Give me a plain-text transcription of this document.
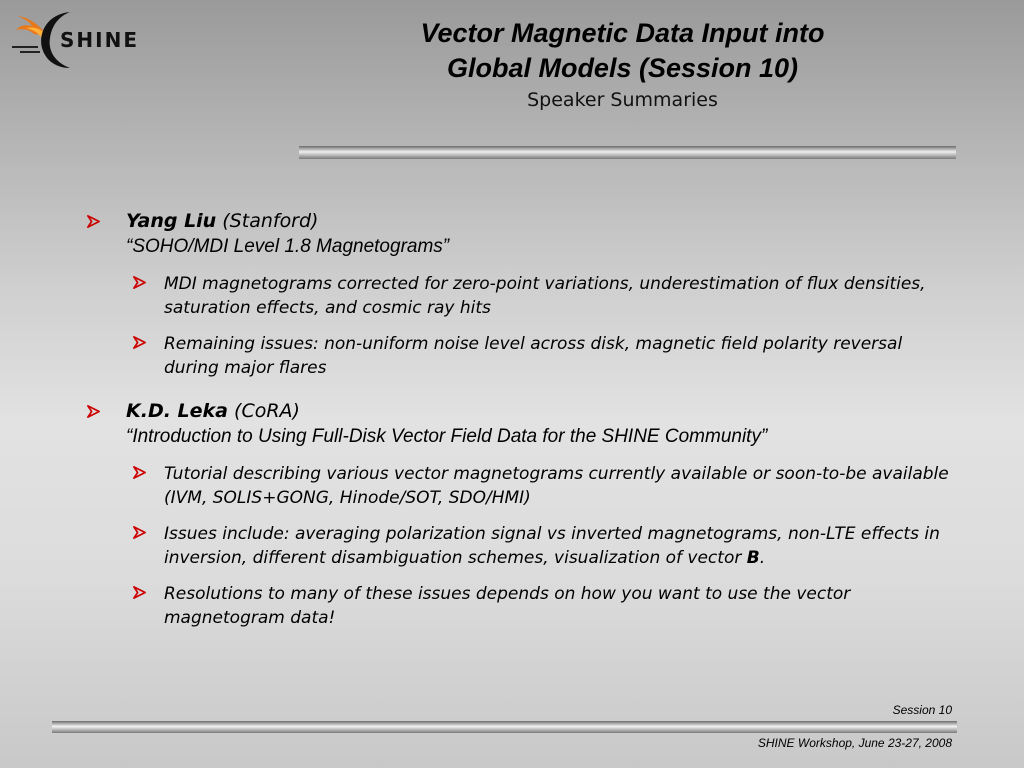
SHINE	Vector Magnetic Data Input into
Global Models (Session 10)
Speaker Summaries
Yang Liu (Stanford)
“SOHO/MDI Level 1.8 Magnetograms”
MDI magnetograms corrected for zero-point variations, underestimation of flux densities, saturation effects, and cosmic ray hits
Remaining issues: non-uniform noise level across disk, magnetic field polarity reversal during major flares
K.D. Leka (CoRA)
“Introduction to Using Full-Disk Vector Field Data for the SHINE Community”
Tutorial describing various vector magnetograms currently available or soon-to-be available (IVM, SOLIS+GONG, Hinode/SOT, SDO/HMI)
Issues include: averaging polarization signal vs inverted magnetograms, non-LTE effects in inversion, different disambiguation schemes, visualization of vector B.
Resolutions to many of these issues depends on how you want to use the vector magnetogram data!
Session 10
SHINE Workshop, June 23-27, 2008
